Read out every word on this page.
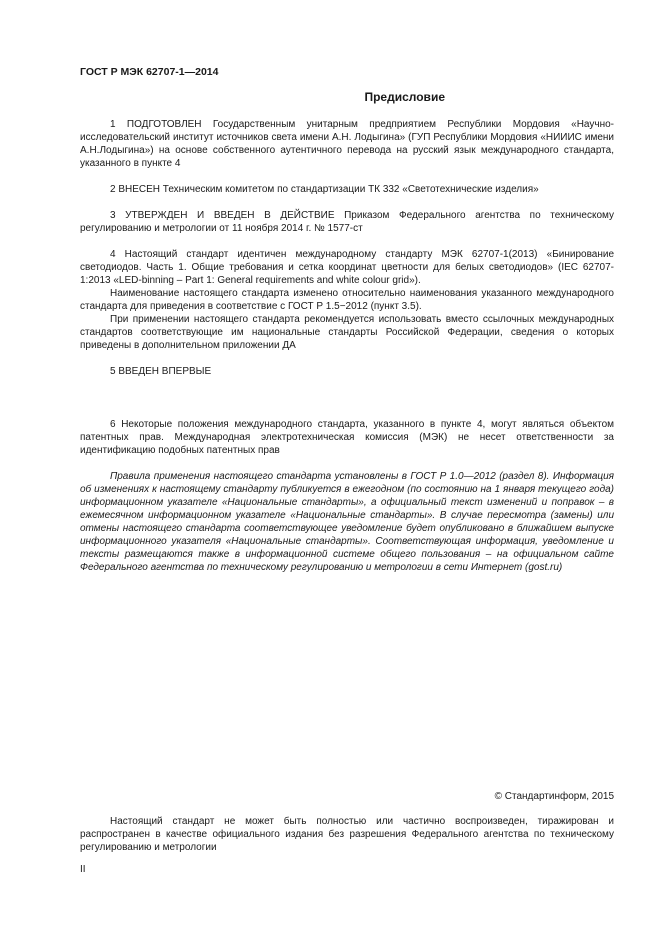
ГОСТ Р МЭК 62707-1—2014
Предисловие

1 ПОДГОТОВЛЕН Государственным унитарным предприятием Республики Мордовия «Научно-исследовательский институт источников света имени А.Н. Лодыгина» (ГУП Республики Мордовия «НИИИС имени А.Н.Лодыгина») на основе собственного аутентичного перевода на русский язык международного стандарта, указанного в пункте 4

2 ВНЕСЕН Техническим комитетом по стандартизации ТК 332 «Светотехнические изделия»

3 УТВЕРЖДЕН И ВВЕДЕН В ДЕЙСТВИЕ Приказом Федерального агентства по техническому регулированию и метрологии от 11 ноября 2014 г. № 1577-ст

4 Настоящий стандарт идентичен международному стандарту МЭК 62707-1(2013) «Бинирование светодиодов. Часть 1. Общие требования и сетка координат цветности для белых светодиодов» (IEC 62707-1:2013 «LED-binning – Part 1: General requirements and white colour grid»).

Наименование настоящего стандарта изменено относительно наименования указанного международного стандарта для приведения в соответствие с ГОСТ Р 1.5−2012 (пункт 3.5).

При применении настоящего стандарта рекомендуется использовать вместо ссылочных международных стандартов соответствующие им национальные стандарты Российской Федерации, сведения о которых приведены в дополнительном приложении ДА

5 ВВЕДЕН ВПЕРВЫЕ

6 Некоторые положения международного стандарта, указанного в пункте 4, могут являться объектом патентных прав. Международная электротехническая комиссия (МЭК) не несет ответственности за идентификацию подобных патентных прав

Правила применения настоящего стандарта установлены в ГОСТ Р 1.0—2012 (раздел 8). Информация об изменениях к настоящему стандарту публикуется в ежегодном (по состоянию на 1 января текущего года) информационном указателе «Национальные стандарты», а официальный текст изменений и поправок – в ежемесячном информационном указателе «Национальные стандарты». В случае пересмотра (замены) или отмены настоящего стандарта соответствующее уведомление будет опубликовано в ближайшем выпуске информационного указателя «Национальные стандарты». Соответствующая информация, уведомление и тексты размещаются также в информационной системе общего пользования – на официальном сайте Федерального агентства по техническому регулированию и метрологии в сети Интернет (gost.ru)

© Стандартинформ, 2015

Настоящий стандарт не может быть полностью или частично воспроизведен, тиражирован и распространен в качестве официального издания без разрешения Федерального агентства по техническому регулированию и метрологии

II
